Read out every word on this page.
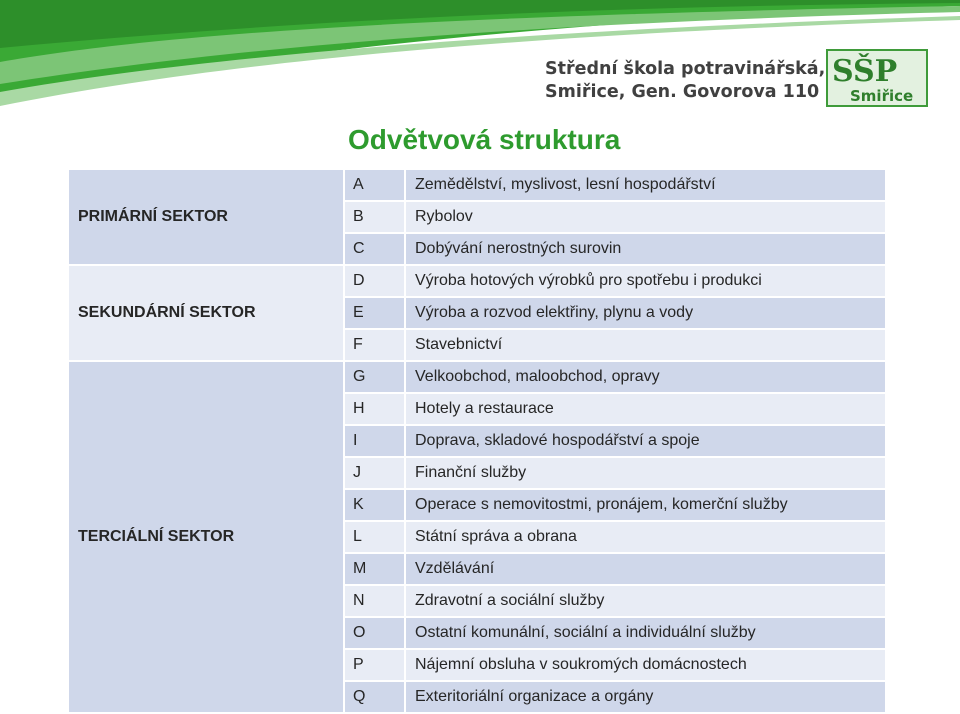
Střední škola potravinářská,
Smiřice, Gen. Govorova 110
SŠP
Smiřice
Odvětvová struktura
PRIMÁRNÍ SEKTOR	A	Zemědělství, myslivost, lesní hospodářství
	B	Rybolov
	C	Dobývání nerostných surovin
SEKUNDÁRNÍ SEKTOR	D	Výroba hotových výrobků pro spotřebu i produkci
	E	Výroba a rozvod elektřiny, plynu a vody
	F	Stavebnictví
TERCIÁLNÍ SEKTOR	G	Velkoobchod, maloobchod, opravy
	H	Hotely a restaurace
	I	Doprava, skladové hospodářství a spoje
	J	Finanční služby
	K	Operace s nemovitostmi, pronájem, komerční služby
	L	Státní správa a obrana
	M	Vzdělávání
	N	Zdravotní a sociální služby
	O	Ostatní komunální, sociální a individuální služby
	P	Nájemní obsluha v soukromých domácnostech
	Q	Exteritoriální organizace a orgány
